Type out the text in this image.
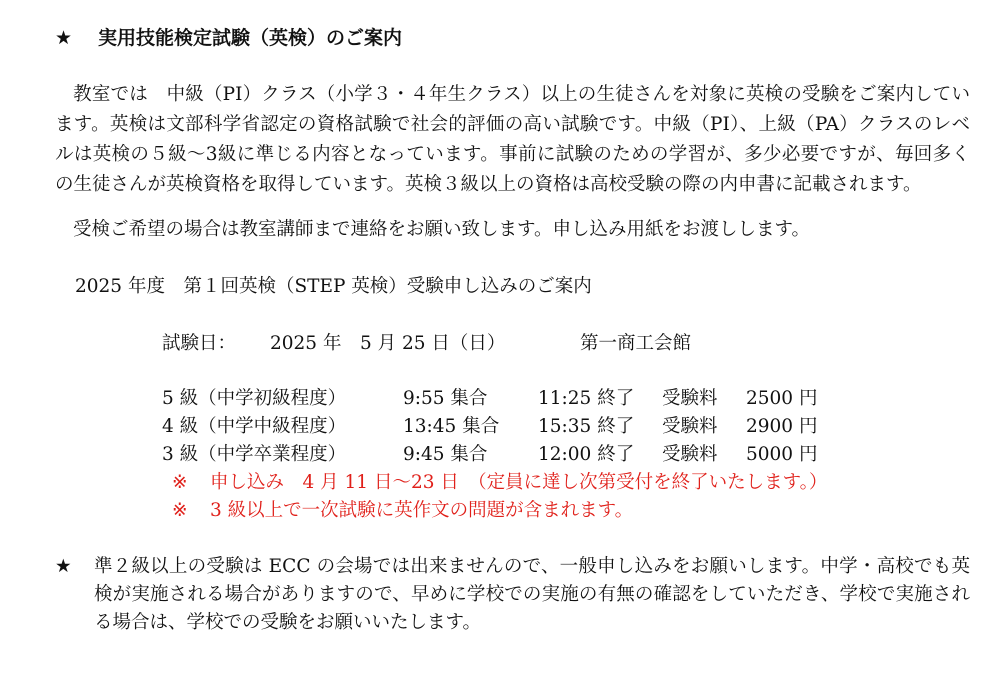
★ 実用技能検定試験（英検）のご案内
教室では　中級（PI）クラス（小学３・４年生クラス）以上の生徒さんを対象に英検の受験をご案内しています。英検は文部科学省認定の資格試験で社会的評価の高い試験です。中級（PI）、上級（PA）クラスのレベルは英検の５級～3級に準じる内容となっています。事前に試験のための学習が、多少必要ですが、毎回多くの生徒さんが英検資格を取得しています。英検３級以上の資格は高校受験の際の内申書に記載されます。
受検ご希望の場合は教室講師まで連絡をお願い致します。申し込み用紙をお渡しします。
2025 年度　第１回英検（STEP 英検）受験申し込みのご案内
試験日： 2025 年　5 月 25 日（日）	第一商工会館
5 級（中学初級程度）	9:55 集合	11:25 終了 受験料 2500 円
4 級（中学中級程度）	13:45 集合 15:35 終了 受験料 2900 円
3 級（中学卒業程度）	9:45 集合	12:00 終了 受験料 5000 円
※ 申し込み　4 月 11 日～23 日　（定員に達し次第受付を終了いたします。）
※ 3 級以上で一次試験に英作文の問題が含まれます。
★ 準２級以上の受験は ECC の会場では出来ませんので、一般申し込みをお願いします。中学・高校でも英検が実施される場合がありますので、早めに学校での実施の有無の確認をしていただき、学校で実施される場合は、学校での受験をお願いいたします。
